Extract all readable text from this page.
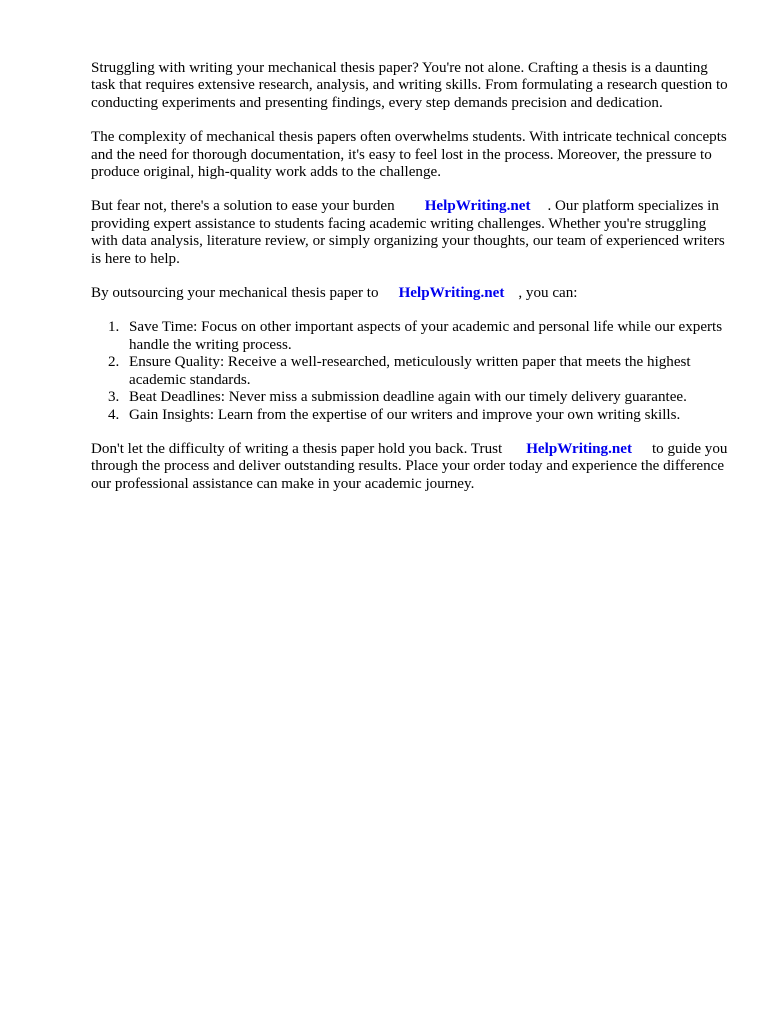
Struggling with writing your mechanical thesis paper? You're not alone. Crafting a thesis is a daunting task that requires extensive research, analysis, and writing skills. From formulating a research question to conducting experiments and presenting findings, every step demands precision and dedication.

The complexity of mechanical thesis papers often overwhelms students. With intricate technical concepts and the need for thorough documentation, it's easy to feel lost in the process. Moreover, the pressure to produce original, high-quality work adds to the challenge.

But fear not, there's a solution to ease your burden HelpWriting.net . Our platform specializes in providing expert assistance to students facing academic writing challenges. Whether you're struggling with data analysis, literature review, or simply organizing your thoughts, our team of experienced writers is here to help.

By outsourcing your mechanical thesis paper to HelpWriting.net , you can:

1. Save Time: Focus on other important aspects of your academic and personal life while our experts handle the writing process.
2. Ensure Quality: Receive a well-researched, meticulously written paper that meets the highest academic standards.
3. Beat Deadlines: Never miss a submission deadline again with our timely delivery guarantee.
4. Gain Insights: Learn from the expertise of our writers and improve your own writing skills.

Don't let the difficulty of writing a thesis paper hold you back. Trust HelpWriting.net to guide you through the process and deliver outstanding results. Place your order today and experience the difference our professional assistance can make in your academic journey.
